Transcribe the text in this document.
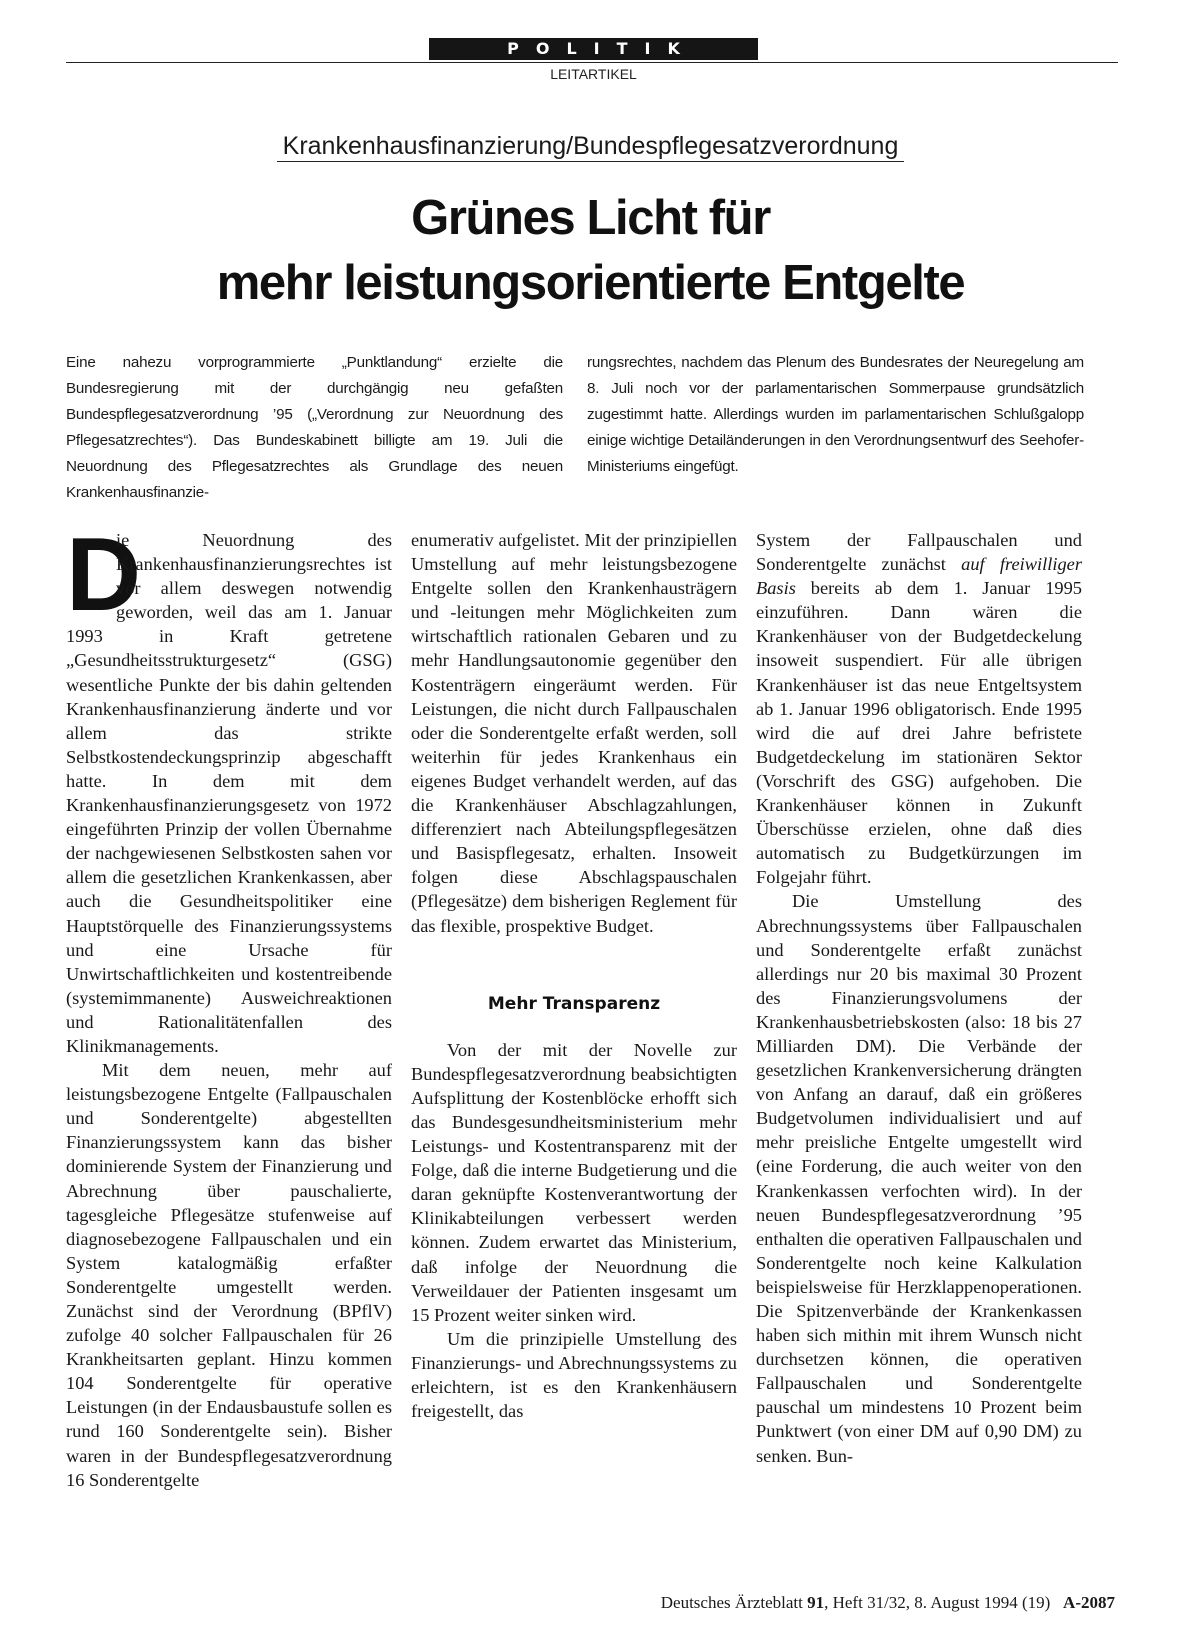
POLITIK
LEITARTIKEL
Krankenhausfinanzierung/Bundespflegesatzverordnung
Grünes Licht für
mehr leistungsorientierte Entgelte

Eine nahezu vorprogrammierte „Punktlandung“ erzielte die Bundesregierung mit der durchgängig neu gefaßten Bundespflegesatzverordnung ’95 („Verordnung zur Neuordnung des Pflegesatzrechtes“). Das Bundeskabinett billigte am 19. Juli die Neuordnung des Pflegesatzrechtes als Grundlage des neuen Krankenhausfinanzie-

rungsrechtes, nachdem das Plenum des Bundesrates der Neuregelung am 8. Juli noch vor der parlamentarischen Sommerpause grundsätzlich zugestimmt hatte. Allerdings wurden im parlamentarischen Schlußgalopp einige wichtige Detailänderungen in den Verordnungsentwurf des Seehofer-Ministeriums eingefügt.

D
ie Neuordnung des Krankenhausfinanzierungsrechtes ist vor allem deswegen notwendig geworden, weil das am 1. Januar 1993 in Kraft getretene „Gesundheitsstrukturgesetz“ (GSG) wesentliche Punkte der bis dahin geltenden Krankenhausfinanzierung änderte und vor allem das strikte Selbstkostendeckungsprinzip abgeschafft hatte. In dem mit dem Krankenhausfinanzierungsgesetz von 1972 eingeführten Prinzip der vollen Übernahme der nachgewiesenen Selbstkosten sahen vor allem die gesetzlichen Krankenkassen, aber auch die Gesundheitspolitiker eine Hauptstörquelle des Finanzierungssystems und eine Ursache für Unwirtschaftlichkeiten und kostentreibende (systemimmanente) Ausweichreaktionen und Rationalitätenfallen des Klinikmanagements.

Mit dem neuen, mehr auf leistungsbezogene Entgelte (Fallpauschalen und Sonderentgelte) abgestellten Finanzierungssystem kann das bisher dominierende System der Finanzierung und Abrechnung über pauschalierte, tagesgleiche Pflegesätze stufenweise auf diagnosebezogene Fallpauschalen und ein System katalogmäßig erfaßter Sonderentgelte umgestellt werden. Zunächst sind der Verordnung (BPflV) zufolge 40 solcher Fallpauschalen für 26 Krankheitsarten geplant. Hinzu kommen 104 Sonderentgelte für operative Leistungen (in der Endausbaustufe sollen es rund 160 Sonderentgelte sein). Bisher waren in der Bundespflegesatzverordnung 16 Sonderentgelte

enumerativ aufgelistet. Mit der prinzipiellen Umstellung auf mehr leistungsbezogene Entgelte sollen den Krankenhausträgern und -leitungen mehr Möglichkeiten zum wirtschaftlich rationalen Gebaren und zu mehr Handlungsautonomie gegenüber den Kostenträgern eingeräumt werden. Für Leistungen, die nicht durch Fallpauschalen oder die Sonderentgelte erfaßt werden, soll weiterhin für jedes Krankenhaus ein eigenes Budget verhandelt werden, auf das die Krankenhäuser Abschlagzahlungen, differenziert nach Abteilungspflegesätzen und Basispflegesatz, erhalten. Insoweit folgen diese Abschlagspauschalen (Pflegesätze) dem bisherigen Reglement für das flexible, prospektive Budget.

Mehr Transparenz

Von der mit der Novelle zur Bundespflegesatzverordnung beabsichtigten Aufsplittung der Kostenblöcke erhofft sich das Bundesgesundheitsministerium mehr Leistungs- und Kostentransparenz mit der Folge, daß die interne Budgetierung und die daran geknüpfte Kostenverantwortung der Klinikabteilungen verbessert werden können. Zudem erwartet das Ministerium, daß infolge der Neuordnung die Verweildauer der Patienten insgesamt um 15 Prozent weiter sinken wird.

Um die prinzipielle Umstellung des Finanzierungs- und Abrechnungssystems zu erleichtern, ist es den Krankenhäusern freigestellt, das

System der Fallpauschalen und Sonderentgelte zunächst auf freiwilliger Basis bereits ab dem 1. Januar 1995 einzuführen. Dann wären die Krankenhäuser von der Budgetdeckelung insoweit suspendiert. Für alle übrigen Krankenhäuser ist das neue Entgeltsystem ab 1. Januar 1996 obligatorisch. Ende 1995 wird die auf drei Jahre befristete Budgetdeckelung im stationären Sektor (Vorschrift des GSG) aufgehoben. Die Krankenhäuser können in Zukunft Überschüsse erzielen, ohne daß dies automatisch zu Budgetkürzungen im Folgejahr führt.

Die Umstellung des Abrechnungssystems über Fallpauschalen und Sonderentgelte erfaßt zunächst allerdings nur 20 bis maximal 30 Prozent des Finanzierungsvolumens der Krankenhausbetriebskosten (also: 18 bis 27 Milliarden DM). Die Verbände der gesetzlichen Krankenversicherung drängten von Anfang an darauf, daß ein größeres Budgetvolumen individualisiert und auf mehr preisliche Entgelte umgestellt wird (eine Forderung, die auch weiter von den Krankenkassen verfochten wird). In der neuen Bundespflegesatzverordnung ’95 enthalten die operativen Fallpauschalen und Sonderentgelte noch keine Kalkulation beispielsweise für Herzklappenoperationen. Die Spitzenverbände der Krankenkassen haben sich mithin mit ihrem Wunsch nicht durchsetzen können, die operativen Fallpauschalen und Sonderentgelte pauschal um mindestens 10 Prozent beim Punktwert (von einer DM auf 0,90 DM) zu senken. Bun-

Deutsches Ärzteblatt 91, Heft 31/32, 8. August 1994 (19) A-2087
